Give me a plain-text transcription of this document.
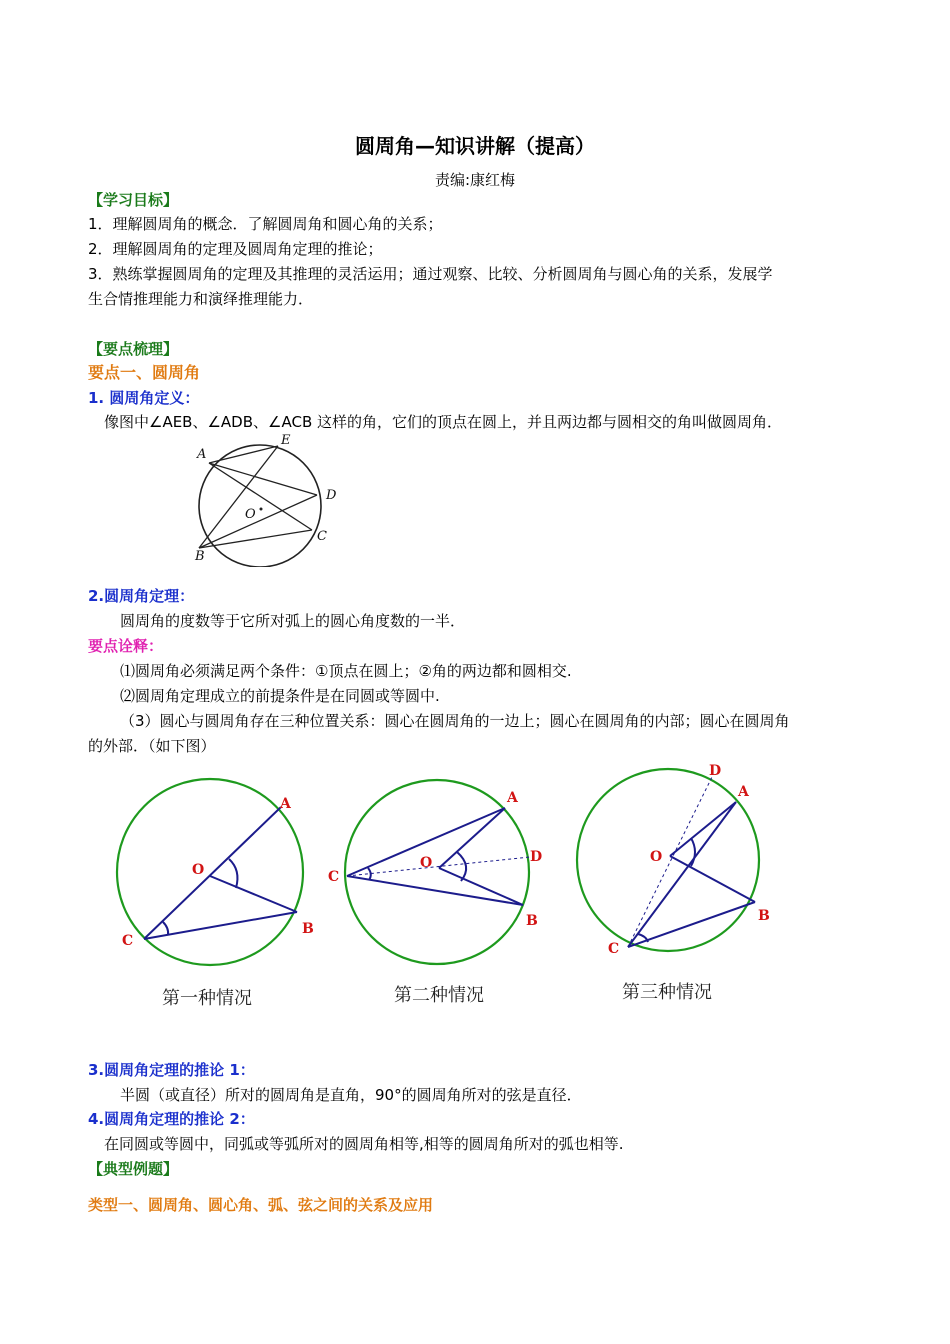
圆周角—知识讲解（提高）
责编:康红梅
【学习目标】
1．理解圆周角的概念．了解圆周角和圆心角的关系；
2．理解圆周角的定理及圆周角定理的推论；
3．熟练掌握圆周角的定理及其推理的灵活运用；通过观察、比较、分析圆周角与圆心角的关系，发展学
生合情推理能力和演绎推理能力．
【要点梳理】
要点一、圆周角
1. 圆周角定义：
像图中∠AEB、∠ADB、∠ACB 这样的角，它们的顶点在圆上，并且两边都与圆相交的角叫做圆周角．
A
E
D
O
C
B
2.圆周角定理：
圆周角的度数等于它所对弧上的圆心角度数的一半．
要点诠释：
⑴圆周角必须满足两个条件：①顶点在圆上；②角的两边都和圆相交.
⑵圆周角定理成立的前提条件是在同圆或等圆中.
（3）圆心与圆周角存在三种位置关系：圆心在圆周角的一边上；圆心在圆周角的内部；圆心在圆周角
的外部．（如下图）
A
O
C
B
A
C
O	D
B
D
A
O
B
C
第一种情况	第二种情况	第三种情况
3.圆周角定理的推论 1：
半圆（或直径）所对的圆周角是直角，90°的圆周角所对的弦是直径．
4.圆周角定理的推论 2：
在同圆或等圆中，同弧或等弧所对的圆周角相等,相等的圆周角所对的弧也相等.
【典型例题】
类型一、圆周角、圆心角、弧、弦之间的关系及应用
